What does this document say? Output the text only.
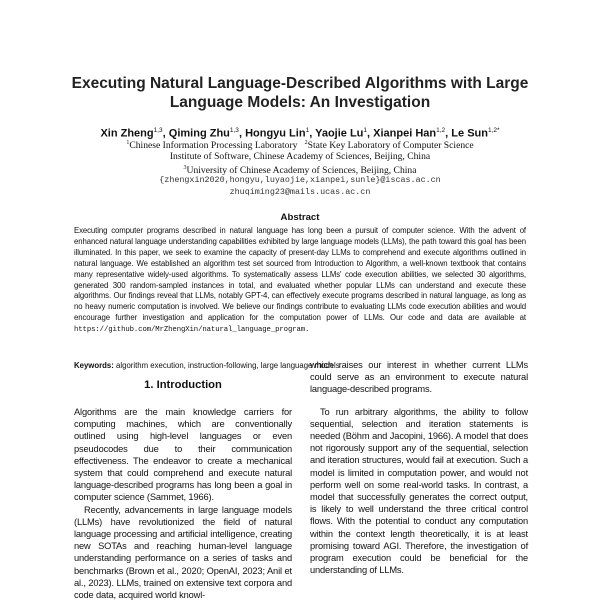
Executing Natural Language-Described Algorithms with Large
Language Models: An Investigation
Xin Zheng$^{1,3}$, Qiming Zhu$^{1,3}$, Hongyu Lin$^1$, Yaojie Lu$^1$, Xianpei Han$^{1,2}$, Le Sun$^{1,2*}$
$^1$Chinese Information Processing Laboratory $^2$State Key Laboratory of Computer Science
Institute of Software, Chinese Academy of Sciences, Beijing, China
$^3$University of Chinese Academy of Sciences, Beijing, China
{zhengxin2020,hongyu,luyaojie,xianpei,sunle}@iscas.ac.cn
zhuqiming23@mails.ucas.ac.cn
Abstract
Executing computer programs described in natural language has long been a pursuit of computer science. With the advent of enhanced natural language understanding capabilities exhibited by large language models (LLMs), the path toward this goal has been illuminated. In this paper, we seek to examine the capacity of present-day LLMs to comprehend and execute algorithms outlined in natural language. We established an algorithm test set sourced from Introduction to Algorithm, a well-known textbook that contains many representative widely-used algorithms. To systematically assess LLMs' code execution abilities, we selected 30 algorithms, generated 300 random-sampled instances in total, and evaluated whether popular LLMs can understand and execute these algorithms. Our findings reveal that LLMs, notably GPT-4, can effectively execute programs described in natural language, as long as no heavy numeric computation is involved. We believe our findings contribute to evaluating LLMs code execution abilities and would encourage further investigation and application for the computation power of LLMs. Our code and data are available at https://github.com/MrZhengXin/natural_language_program.
Keywords: algorithm execution, instruction-following, large language models
1. Introduction

Algorithms are the main knowledge carriers for computing machines, which are conventionally outlined using high-level languages or even pseudocodes due to their communication effectiveness. The endeavor to create a mechanical system that could comprehend and execute natural language-described programs has long been a goal in computer science (Sammet, 1966).

Recently, advancements in large language models (LLMs) have revolutionized the field of natural language processing and artificial intelligence, creating new SOTAs and reaching human-level language understanding performance on a series of tasks and benchmarks (Brown et al., 2020; OpenAI, 2023; Anil et al., 2023). LLMs, trained on extensive text corpora and code data, acquired world knowl-

which raises our interest in whether current LLMs could serve as an environment to execute natural language-described programs.

To run arbitrary algorithms, the ability to follow sequential, selection and iteration statements is needed (Böhm and Jacopini, 1966). A model that does not rigorously support any of the sequential, selection and iteration structures, would fail at execution. Such a model is limited in computation power, and would not perform well on some real-world tasks. In contrast, a model that successfully generates the correct output, is likely to well understand the three critical control flows. With the potential to conduct any computation within the context length theoretically, it is at least promising toward AGI. Therefore, the investigation of program execution could be beneficial for the understanding of LLMs.
